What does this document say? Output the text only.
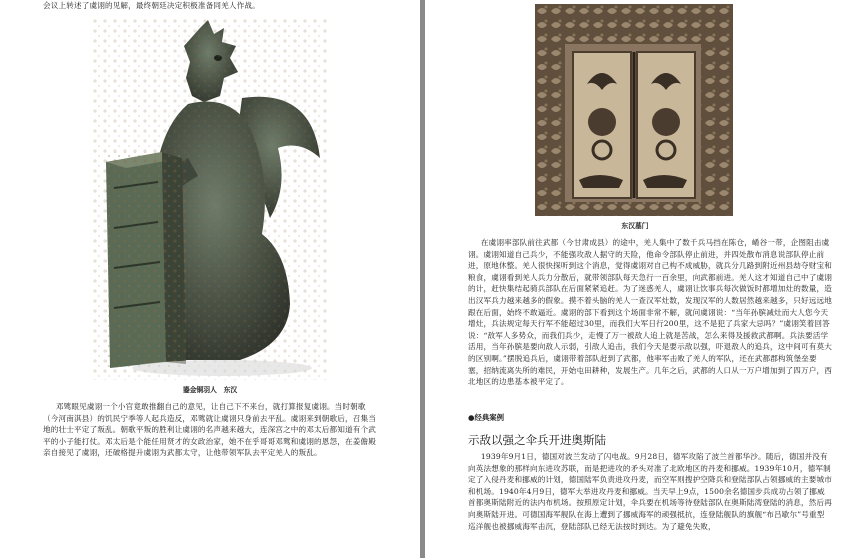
会议上转述了虞诩的见解，最终朝廷决定积极准备同羌人作战。
鎏金铜羽人　东汉

邓骘眼见虞诩一个小官竟敢推翻自己的意见，让自己下不来台，就打算报复虞诩。当时朝歌（今河南淇县）的饥民宁季等人起兵造反，邓骘就让虞诩只身前去平乱。虞诩来到朝歌后，召集当地的壮士平定了叛乱。朝歌平叛的胜利让虞诩的名声越来越大，连深宫之中的邓太后都知道有个武平的小子能打仗。邓太后是个能任用贤才的女政治家，她不在乎哥哥邓骘和虞诩的恩怨，在姜儋殿亲自接见了虞诩，还破格提升虞诩为武都太守，让他带领军队去平定羌人的叛乱。

东汉墓门

在虞诩率部队前往武都（今甘肃成县）的途中，羌人集中了数千兵马挡在陈仓，崤谷一带，企图阻击虞诩。虞诩知道自己兵少，不能强攻敌人据守的天险，他命令部队停止前进，并四处散布消息说部队停止前进，原地休整。羌人很快探听到这个消息，觉得虞诩对自己构不成威胁，就兵分几路到附近州县劫夺财宝和粮食，虞诩看到羌人兵力分散后，就带领部队每天急行一百余里，向武都前进。羌人这才知道自己中了虞诩的计，赶快集结起骑兵部队在后面紧紧追赶。为了迷惑羌人，虞诩让饮事兵每次做饭时都增加灶的数量，造出汉军兵力越来越多的假象。摸不着头脑的羌人一查汉军灶数，发现汉军的人数居然越来越多，只好远远地跟在后面，始终不敢逼近。虞诩的部下看到这个场面非常不解，就问虞诩说：“当年孙膑减灶而大人您今天增灶，兵法规定每天行军不能超过30里，而我们大军日行200里，这不是犯了兵家大忌吗？”虞诩笑着回答说：“敌军人多势众，而我们兵少，走慢了万一被敌人追上就是苦战，怎么来得及援救武都啊。兵法要活学活用，当年孙膑是要向敌人示弱，引敌人追击，我们今天是要示敌以强，吓退敌人的追兵，这中间可有莫大的区别啊。”摆脱追兵后，虞诩带着部队赶到了武都，他率军击败了羌人的军队，还在武都郡构筑堡垒要塞，招纳流离失所的难民，开始屯田耕种，发展生产。几年之后，武都的人口从一万户增加到了四万户，西北地区的边患基本被平定了。

●经典案例
示敌以强之伞兵开进奥斯陆

1939年9月1日，德国对波兰发动了闪电战。9月28日，德军攻陷了波兰首都华沙。随后，德国并没有向英法想象的那样向东进攻苏联，而是把进攻的矛头对准了北欧地区的丹麦和挪威。1939年10月，德军制定了入侵丹麦和挪威的计划，德国陆军负责进攻丹麦，而空军则搜护空降兵和登陆部队占领挪威的主要城市和机场。1940年4月9日，德军大举进攻丹麦和挪威。当天早上9点，1500余名德国步兵成功占领了挪威首都奥斯陆附近的法内布机场。按照原定计划，伞兵要在机场等待登陆部队在奥斯陆湾登陆的消息，然后再向奥斯陆开进。可德国海军舰队在海上遭到了挪威海军的顽强抵抗，连登陆舰队的旗舰“布吕歇尔”号重型巡洋舰也被挪威海军击沉，登陆部队已经无法按时到达。为了避免失败，
